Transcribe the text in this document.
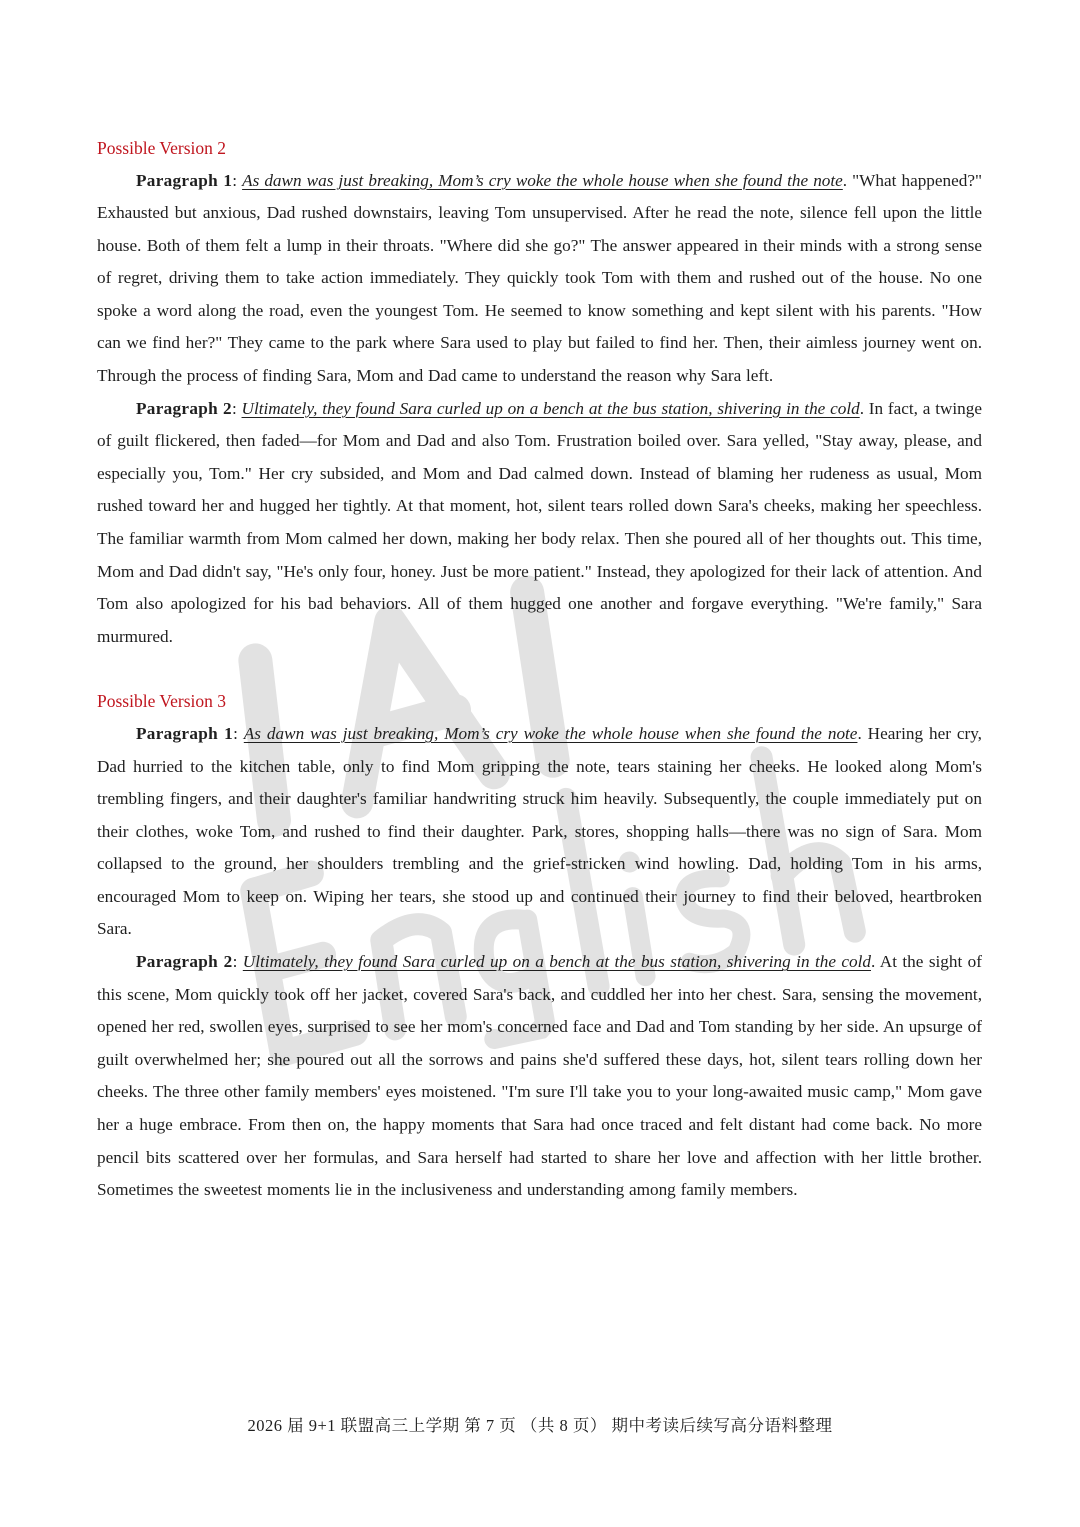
Possible Version 2

Paragraph 1: As dawn was just breaking, Mom’s cry woke the whole house when she found the note. "What happened?" Exhausted but anxious, Dad rushed downstairs, leaving Tom unsupervised. After he read the note, silence fell upon the little house. Both of them felt a lump in their throats. "Where did she go?" The answer appeared in their minds with a strong sense of regret, driving them to take action immediately. They quickly took Tom with them and rushed out of the house. No one spoke a word along the road, even the youngest Tom. He seemed to know something and kept silent with his parents. "How can we find her?" They came to the park where Sara used to play but failed to find her. Then, their aimless journey went on. Through the process of finding Sara, Mom and Dad came to understand the reason why Sara left.

Paragraph 2: Ultimately, they found Sara curled up on a bench at the bus station, shivering in the cold. In fact, a twinge of guilt flickered, then faded—for Mom and Dad and also Tom. Frustration boiled over. Sara yelled, "Stay away, please, and especially you, Tom." Her cry subsided, and Mom and Dad calmed down. Instead of blaming her rudeness as usual, Mom rushed toward her and hugged her tightly. At that moment, hot, silent tears rolled down Sara's cheeks, making her speechless. The familiar warmth from Mom calmed her down, making her body relax. Then she poured all of her thoughts out. This time, Mom and Dad didn't say, "He's only four, honey. Just be more patient." Instead, they apologized for their lack of attention. And Tom also apologized for his bad behaviors. All of them hugged one another and forgave everything. "We're family," Sara murmured.

Possible Version 3

Paragraph 1: As dawn was just breaking, Mom’s cry woke the whole house when she found the note. Hearing her cry, Dad hurried to the kitchen table, only to find Mom gripping the note, tears staining her cheeks. He looked along Mom's trembling fingers, and their daughter's familiar handwriting struck him heavily. Subsequently, the couple immediately put on their clothes, woke Tom, and rushed to find their daughter. Park, stores, shopping halls—there was no sign of Sara. Mom collapsed to the ground, her shoulders trembling and the grief-stricken wind howling. Dad, holding Tom in his arms, encouraged Mom to keep on. Wiping her tears, she stood up and continued their journey to find their beloved, heartbroken Sara.

Paragraph 2: Ultimately, they found Sara curled up on a bench at the bus station, shivering in the cold. At the sight of this scene, Mom quickly took off her jacket, covered Sara's back, and cuddled her into her chest. Sara, sensing the movement, opened her red, swollen eyes, surprised to see her mom's concerned face and Dad and Tom standing by her side. An upsurge of guilt overwhelmed her; she poured out all the sorrows and pains she'd suffered these days, hot, silent tears rolling down her cheeks. The three other family members' eyes moistened. "I'm sure I'll take you to your long-awaited music camp," Mom gave her a huge embrace. From then on, the happy moments that Sara had once traced and felt distant had come back. No more pencil bits scattered over her formulas, and Sara herself had started to share her love and affection with her little brother. Sometimes the sweetest moments lie in the inclusiveness and understanding among family members.

2026 届 9+1 联盟高三上学期 第 7 页 （共 8 页） 期中考读后续写高分语料整理
